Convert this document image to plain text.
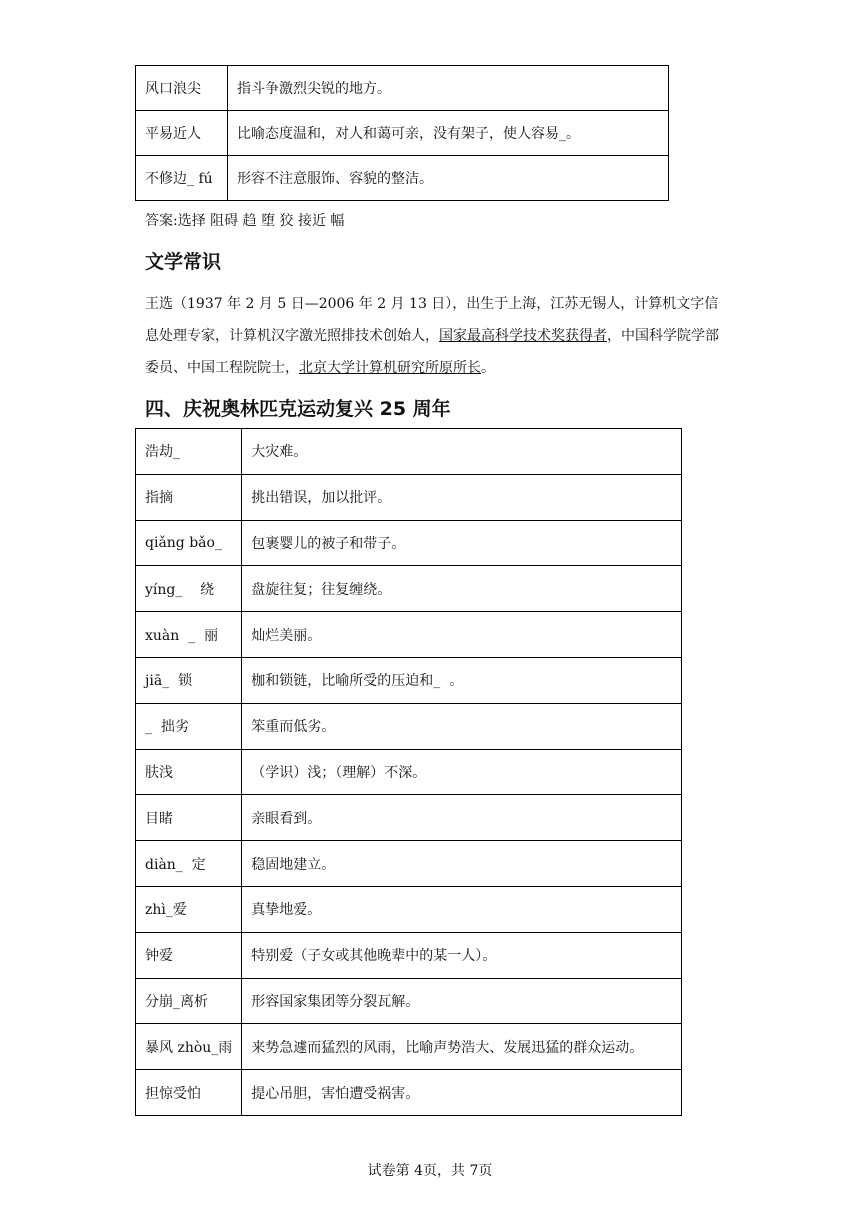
风口浪尖	指斗争激烈尖锐的地方。
平易近人	比喻态度温和，对人和蔼可亲，没有架子，使人容易_。
不修边_ fú	形容不注意服饰、容貌的整洁。
答案:选择 阻碍 趋 堕 狡 接近 幅
文学常识
王选（1937 年 2 月 5 日—2006 年 2 月 13 日），出生于上海，江苏无锡人，计算机文字信息处理专家，计算机汉字激光照排技术创始人，国家最高科学技术奖获得者，中国科学院学部委员、中国工程院院士，北京大学计算机研究所原所长。
四、庆祝奥林匹克运动复兴 25 周年
浩劫_	大灾难。
指摘	挑出错误，加以批评。
qiǎng bǎo_	包裹婴儿的被子和带子。
yíng_    绕	盘旋往复；往复缠绕。
xuàn  _  丽	灿烂美丽。
jiā_  锁	枷和锁链，比喻所受的压迫和_  。
_  拙劣	笨重而低劣。
肤浅	（学识）浅；（理解）不深。
目睹	亲眼看到。
diàn_  定	稳固地建立。
zhì_爱	真挚地爱。
钟爱	特别爱（子女或其他晚辈中的某一人）。
分崩_离析	形容国家集团等分裂瓦解。
暴风 zhòu_雨	来势急遽而猛烈的风雨，比喻声势浩大、发展迅猛的群众运动。
担惊受怕	提心吊胆，害怕遭受祸害。
试卷第 4页，共 7页
